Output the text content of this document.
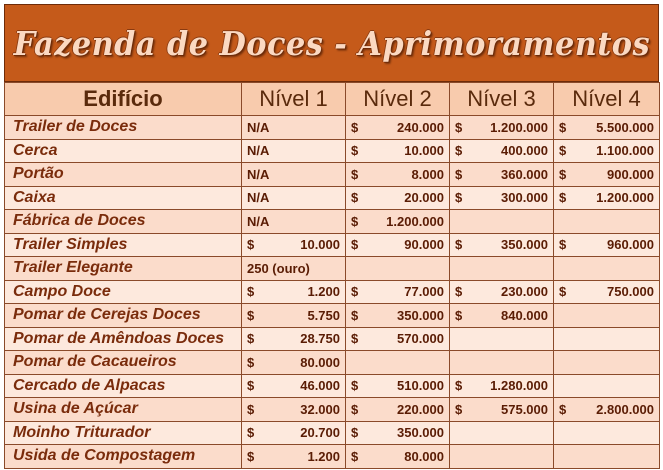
Fazenda de Doces - Aprimoramentos
Edifício	Nível 1	Nível 2	Nível 3	Nível 4
Trailer de Doces	N/A	$ 240.000	$ 1.200.000	$ 5.500.000

Cerca	N/A	$ 10.000	$ 400.000	$ 1.100.000

Portão	N/A	$ 8.000	$ 360.000	$ 900.000

Caixa	N/A	$ 20.000	$ 300.000	$ 1.200.000

Fábrica de Doces	N/A	$ 1.200.000		

Trailer Simples	$ 10.000	$ 90.000	$ 350.000	$ 960.000

Trailer Elegante	250 (ouro)			
Campo Doce	$ 1.200	$ 77.000	$ 230.000	$ 750.000

Pomar de Cerejas Doces	$ 5.750	$ 350.000	$ 840.000	

Pomar de Amêndoas Doces	$ 28.750	$ 570.000		

Pomar de Cacaueiros	$ 80.000			

Cercado de Alpacas	$ 46.000	$ 510.000	$ 1.280.000	

Usina de Açúcar	$ 32.000	$ 220.000	$ 575.000	$ 2.800.000

Moinho Triturador	$ 20.700	$ 350.000		

Usida de Compostagem	$ 1.200	$ 80.000		
